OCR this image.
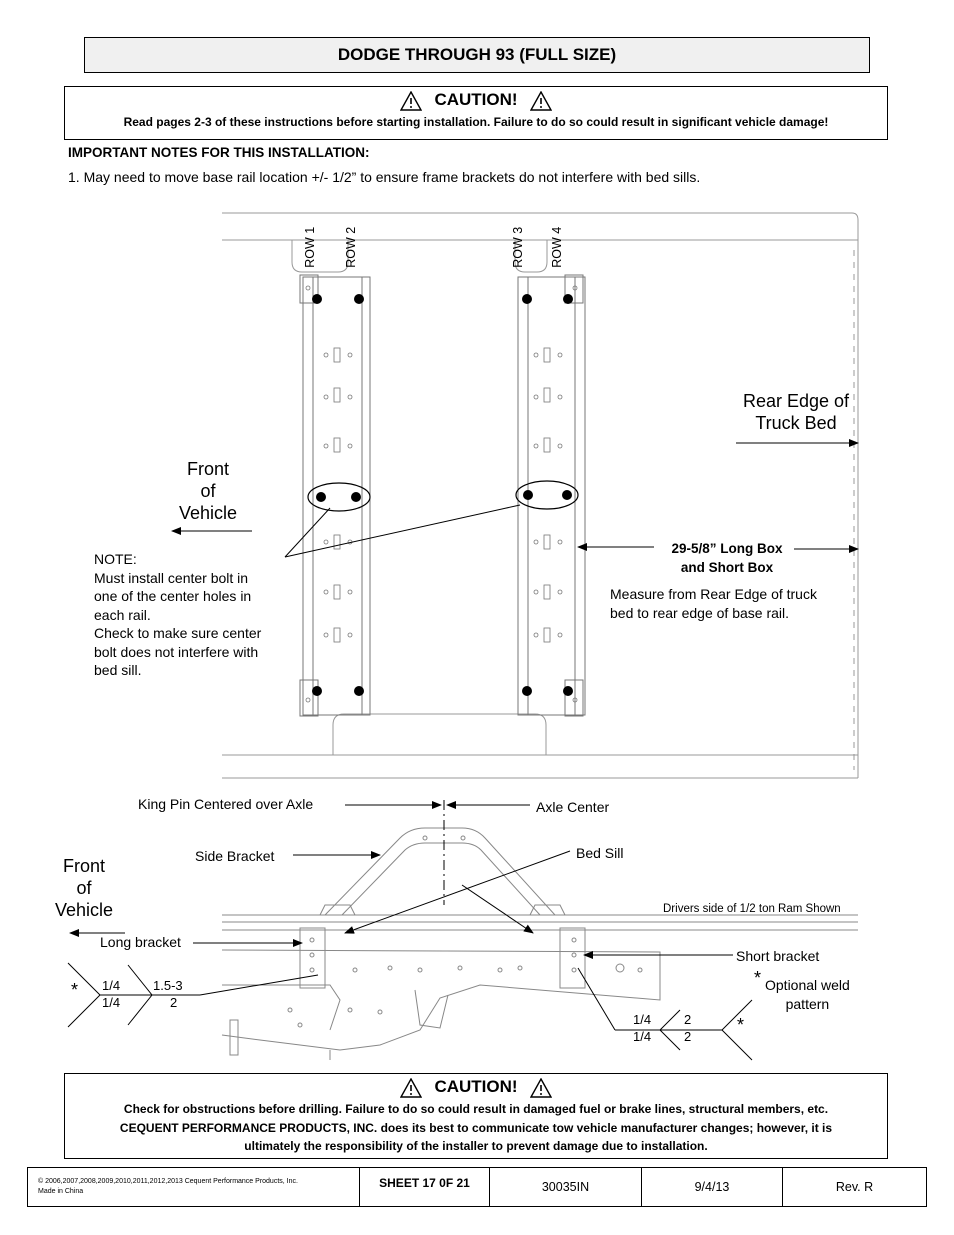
DODGE THROUGH 93 (FULL SIZE)
CAUTION!
Read pages 2-3 of these instructions before starting installation. Failure to do so could result in significant vehicle damage!
IMPORTANT NOTES FOR THIS INSTALLATION:
1. May need to move base rail location +/- 1/2” to ensure frame brackets do not interfere with bed sills.
ROW 1 ROW 2	ROW 3 ROW 4
Rear Edge of
Truck Bed
Front
of
Vehicle
NOTE:
Must install center bolt in
one of the center holes in
each rail.
Check to make sure center
bolt does not interfere with
bed sill.
29-5/8” Long Box
and Short Box
Measure from Rear Edge of truck
bed to rear edge of base rail.
King Pin Centered over Axle	Axle Center
Side Bracket	Bed Sill
Drivers side of 1/2 ton Ram Shown
Front
of
Vehicle
Long bracket
Short bracket
* Optional weld
pattern
* 1/4
1/4
1.5-3
2
1/4
1/4
2
2
*
CAUTION!
Check for obstructions before drilling. Failure to do so could result in damaged fuel or brake lines, structural members, etc.
CEQUENT PERFORMANCE PRODUCTS, INC. does its best to communicate tow vehicle manufacturer changes; however, it is
ultimately the responsibility of the installer to prevent damage due to installation.
© 2006,2007,2008,2009,2010,2011,2012,2013 Cequent Performance Products, Inc.
Made in China
SHEET 17 0F 21	30035IN	9/4/13	Rev. R
